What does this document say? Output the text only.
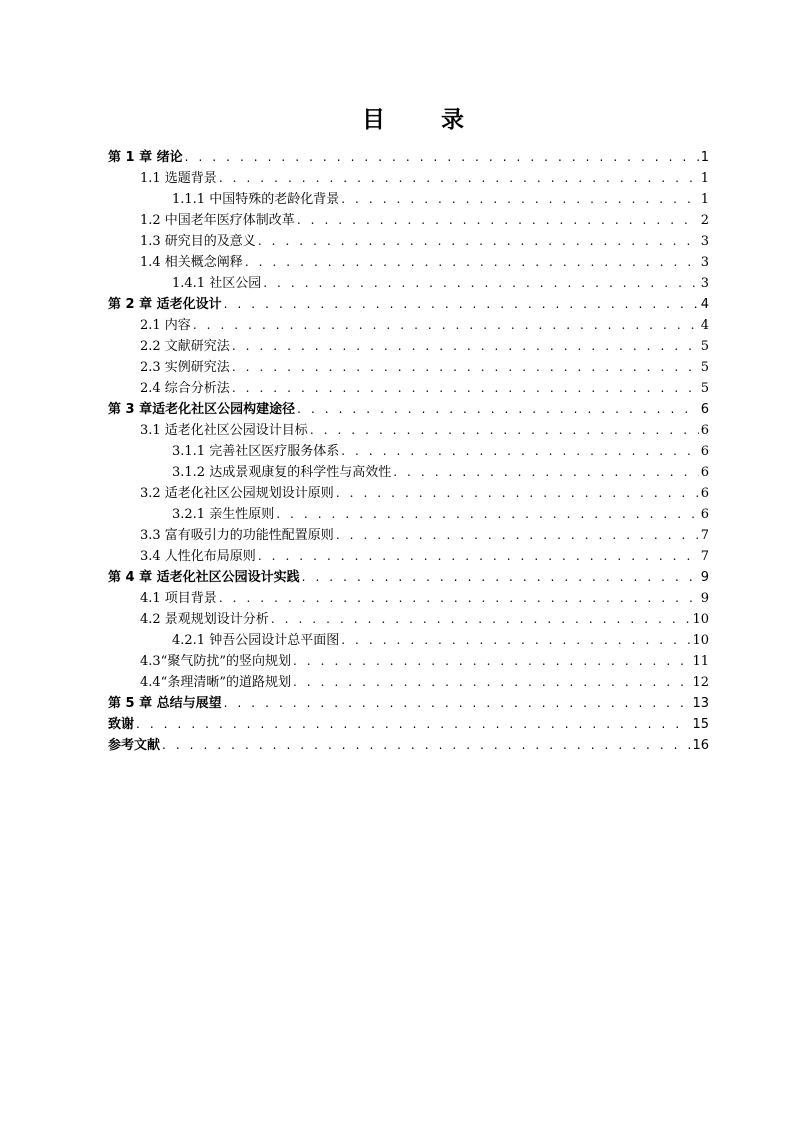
目 录
第 1 章 绪论 . . .	1
1.1 选题背景 . . .	1
1.1.1 中国特殊的老龄化背景 . . .	1
1.2 中国老年医疗体制改革 . . .	2
1.3 研究目的及意义 . . .	3
1.4 相关概念阐释 . . .	3
1.4.1 社区公园 . . .	3
第 2 章 适老化设计 . . .	4
2.1 内容 . . .	4
2.2 文献研究法 . . .	5
2.3 实例研究法 . . .	5
2.4 综合分析法 . . .	5
第 3 章适老化社区公园构建途径 . . .	6
3.1 适老化社区公园设计目标 . . .	6
3.1.1 完善社区医疗服务体系 . . .	6
3.1.2 达成景观康复的科学性与高效性 . . .	6
3.2 适老化社区公园规划设计原则 . . .	6
3.2.1 亲生性原则 . . .	6
3.3 富有吸引力的功能性配置原则 . . .	7
3.4 人性化布局原则 . . .	7
第 4 章 适老化社区公园设计实践 . . .	9
4.1 项目背景 . . .	9
4.2 景观规划设计分析 . . .	10
4.2.1 钟吾公园设计总平面图 . . .	10
4.3“聚气防扰”的竖向规划 . . .	11
4.4“条理清晰”的道路规划 . . .	12
第 5 章 总结与展望 . . .	13
致谢 . . .	15
参考文献 . . .	16
